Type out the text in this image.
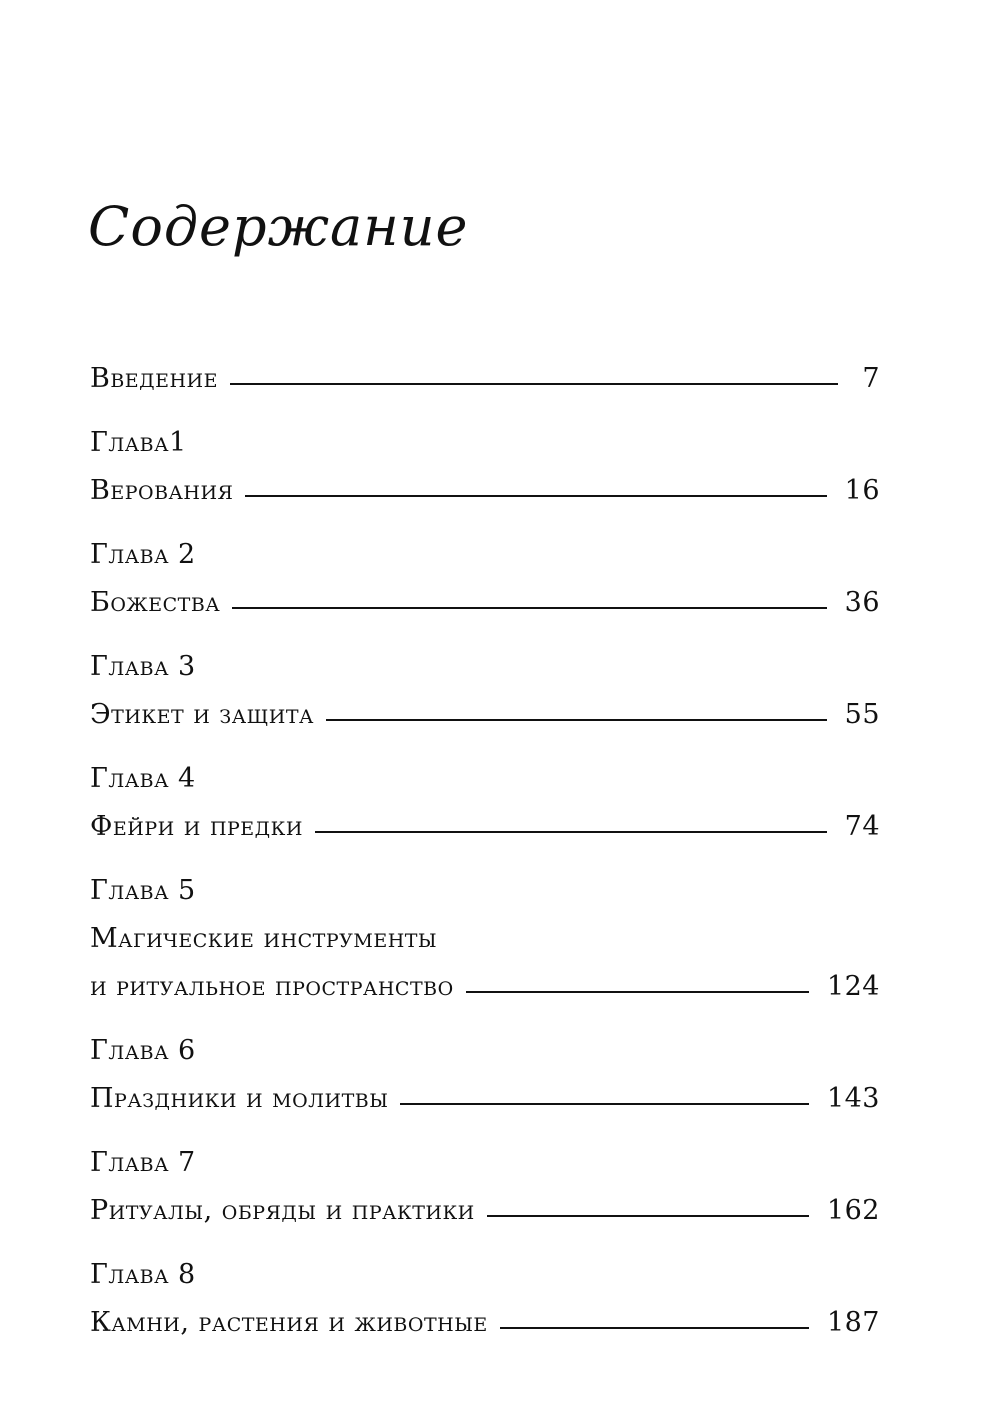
Содержание
Введение	7
Глава1
Верования	16
Глава 2
Божества	36
Глава 3
Этикет и защита	55
Глава 4
Фейри и предки	74
Глава 5
Магические инструменты
и ритуальное пространство	124
Глава 6
Праздники и молитвы	143
Глава 7
Ритуалы, обряды и практики	162
Глава 8
Камни, растения и животные	187
